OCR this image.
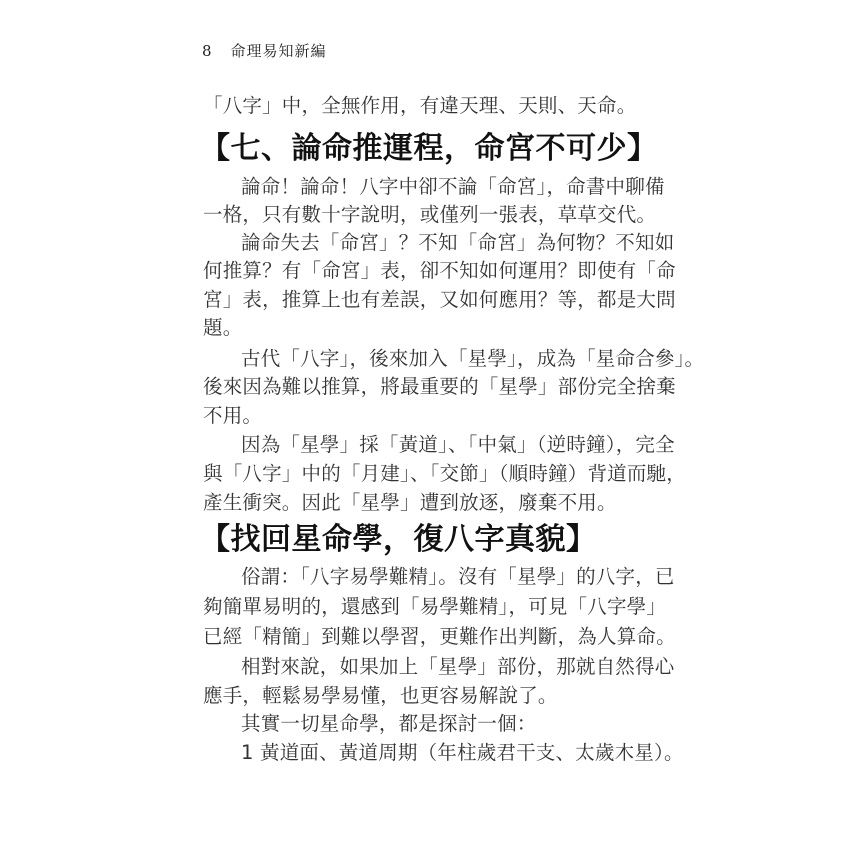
8 命理易知新編
「八字」中，全無作用，有違天理、天則、天命。
【七、論命推運程，命宮不可少】
論命！論命！八字中卻不論「命宮」，命書中聊備
一格，只有數十字說明，或僅列一張表，草草交代。
論命失去「命宮」？不知「命宮」為何物？不知如
何推算？有「命宮」表，卻不知如何運用？即使有「命
宮」表，推算上也有差誤，又如何應用？等，都是大問
題。
古代「八字」，後來加入「星學」，成為「星命合參」。
後來因為難以推算，將最重要的「星學」部份完全捨棄
不用。
因為「星學」採「黃道」、「中氣」（逆時鐘），完全
與「八字」中的「月建」、「交節」（順時鐘）背道而馳，
產生衝突。因此「星學」遭到放逐，廢棄不用。
【找回星命學，復八字真貌】
俗謂：「八字易學難精」。沒有「星學」的八字，已
夠簡單易明的，還感到「易學難精」，可見「八字學」
已經「精簡」到難以學習，更難作出判斷，為人算命。
相對來說，如果加上「星學」部份，那就自然得心
應手，輕鬆易學易懂，也更容易解說了。
其實一切星命學，都是探討一個：
1 黃道面、黃道周期（年柱歲君干支、太歲木星）。
